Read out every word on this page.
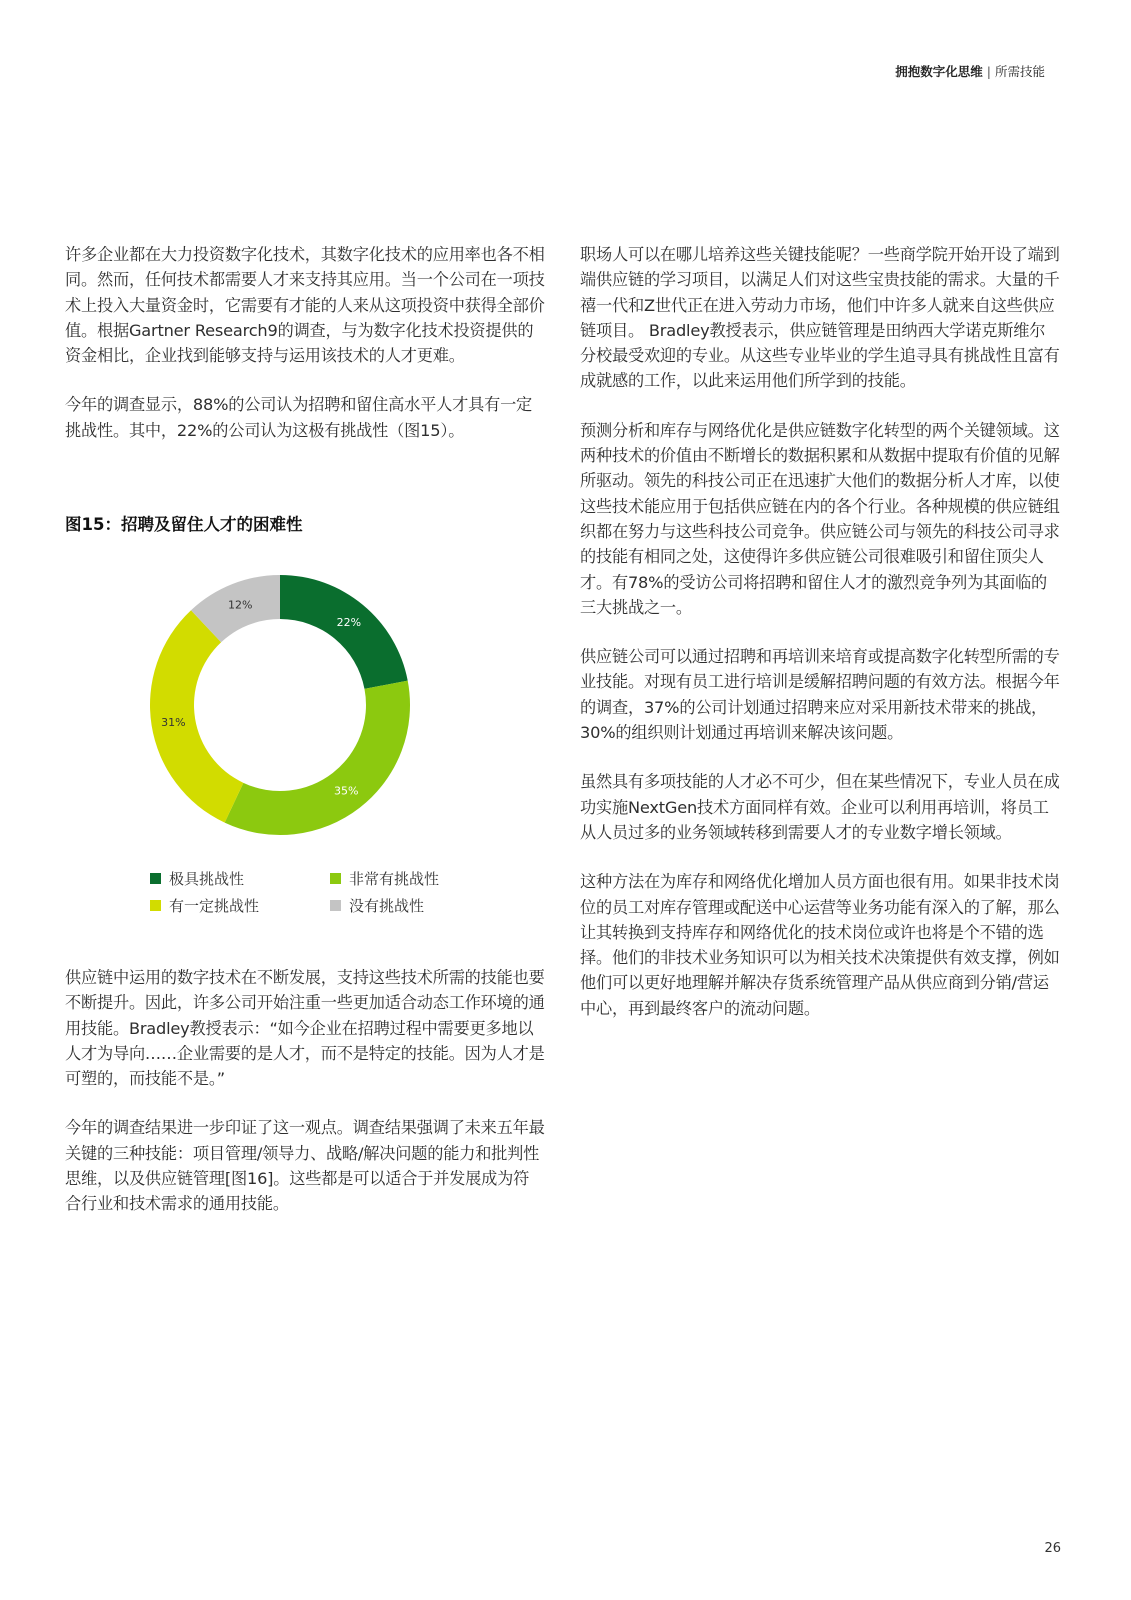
拥抱数字化思维 | 所需技能

许多企业都在大力投资数字化技术，其数字化技术的应用率也各不相同。然而，任何技术都需要人才来支持其应用。当一个公司在一项技术上投入大量资金时，它需要有才能的人来从这项投资中获得全部价值。根据Gartner Research9的调查，与为数字化技术投资提供的资金相比，企业找到能够支持与运用该技术的人才更难。

今年的调查显示，88%的公司认为招聘和留住高水平人才具有一定挑战性。其中，22%的公司认为这极有挑战性（图15）。

图15：招聘及留住人才的困难性
22%
35%
31%
12%
极具挑战性	非常有挑战性
有一定挑战性	没有挑战性

供应链中运用的数字技术在不断发展，支持这些技术所需的技能也要不断提升。因此，许多公司开始注重一些更加适合动态工作环境的通用技能。Bradley教授表示：“如今企业在招聘过程中需要更多地以人才为导向……企业需要的是人才，而不是特定的技能。因为人才是可塑的，而技能不是。”

今年的调查结果进一步印证了这一观点。调查结果强调了未来五年最关键的三种技能：项目管理/领导力、战略/解决问题的能力和批判性思维，以及供应链管理[图16]。这些都是可以适合于并发展成为符合行业和技术需求的通用技能。

职场人可以在哪儿培养这些关键技能呢？一些商学院开始开设了端到端供应链的学习项目，以满足人们对这些宝贵技能的需求。大量的千禧一代和Z世代正在进入劳动力市场，他们中许多人就来自这些供应链项目。 Bradley教授表示，供应链管理是田纳西大学诺克斯维尔分校最受欢迎的专业。从这些专业毕业的学生追寻具有挑战性且富有成就感的工作，以此来运用他们所学到的技能。

预测分析和库存与网络优化是供应链数字化转型的两个关键领域。这两种技术的价值由不断增长的数据积累和从数据中提取有价值的见解所驱动。领先的科技公司正在迅速扩大他们的数据分析人才库，以使这些技术能应用于包括供应链在内的各个行业。各种规模的供应链组织都在努力与这些科技公司竞争。供应链公司与领先的科技公司寻求的技能有相同之处，这使得许多供应链公司很难吸引和留住顶尖人才。有78%的受访公司将招聘和留住人才的激烈竞争列为其面临的三大挑战之一。

供应链公司可以通过招聘和再培训来培育或提高数字化转型所需的专业技能。对现有员工进行培训是缓解招聘问题的有效方法。根据今年的调查，37%的公司计划通过招聘来应对采用新技术带来的挑战，30%的组织则计划通过再培训来解决该问题。

虽然具有多项技能的人才必不可少，但在某些情况下，专业人员在成功实施NextGen技术方面同样有效。企业可以利用再培训，将员工从人员过多的业务领域转移到需要人才的专业数字增长领域。

这种方法在为库存和网络优化增加人员方面也很有用。如果非技术岗位的员工对库存管理或配送中心运营等业务功能有深入的了解，那么让其转换到支持库存和网络优化的技术岗位或许也将是个不错的选择。他们的非技术业务知识可以为相关技术决策提供有效支撑，例如他们可以更好地理解并解决存货系统管理产品从供应商到分销/营运中心，再到最终客户的流动问题。

26
